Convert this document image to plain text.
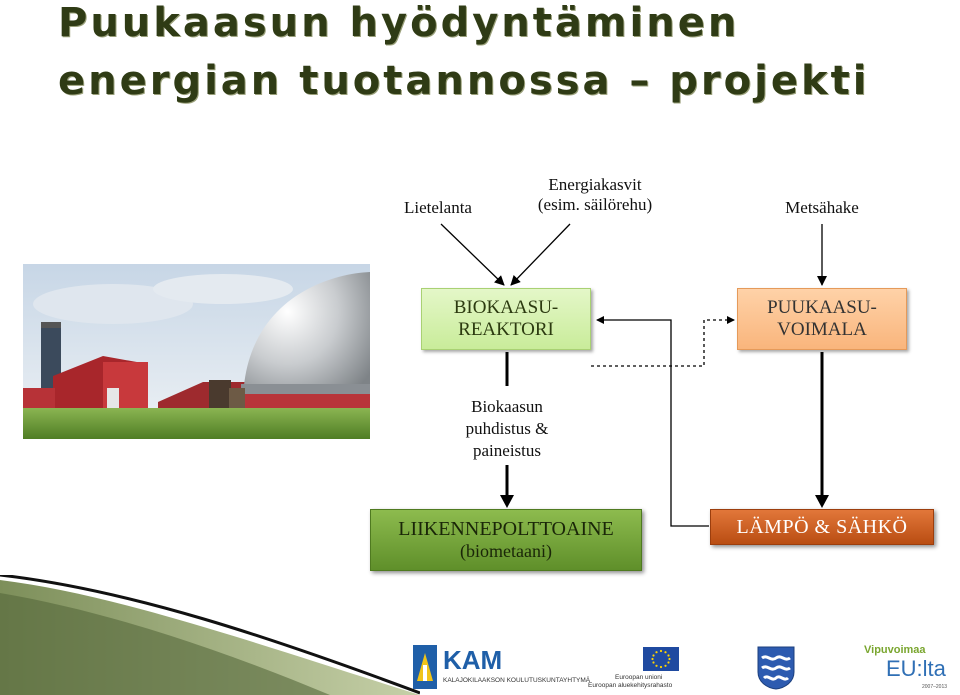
Puukaasun hyödyntäminen
energian tuotannossa – projekti
Lietelanta
Energiakasvit
(esim. säilörehu)	Metsähake
BIOKAASU-
REAKTORI
PUUKAASU-
VOIMALA
Biokaasun
puhdistus &
paineistus
LIIKENNEPOLTTOAINE
(biometaani)
LÄMPÖ & SÄHKÖ
KAM
KALAJOKILAAKSON KOULUTUSKUNTAYHTYMÄ	Euroopan unioni
Euroopan aluekehitysrahasto
Vipuvoimaa
EU:lta
2007–2013
